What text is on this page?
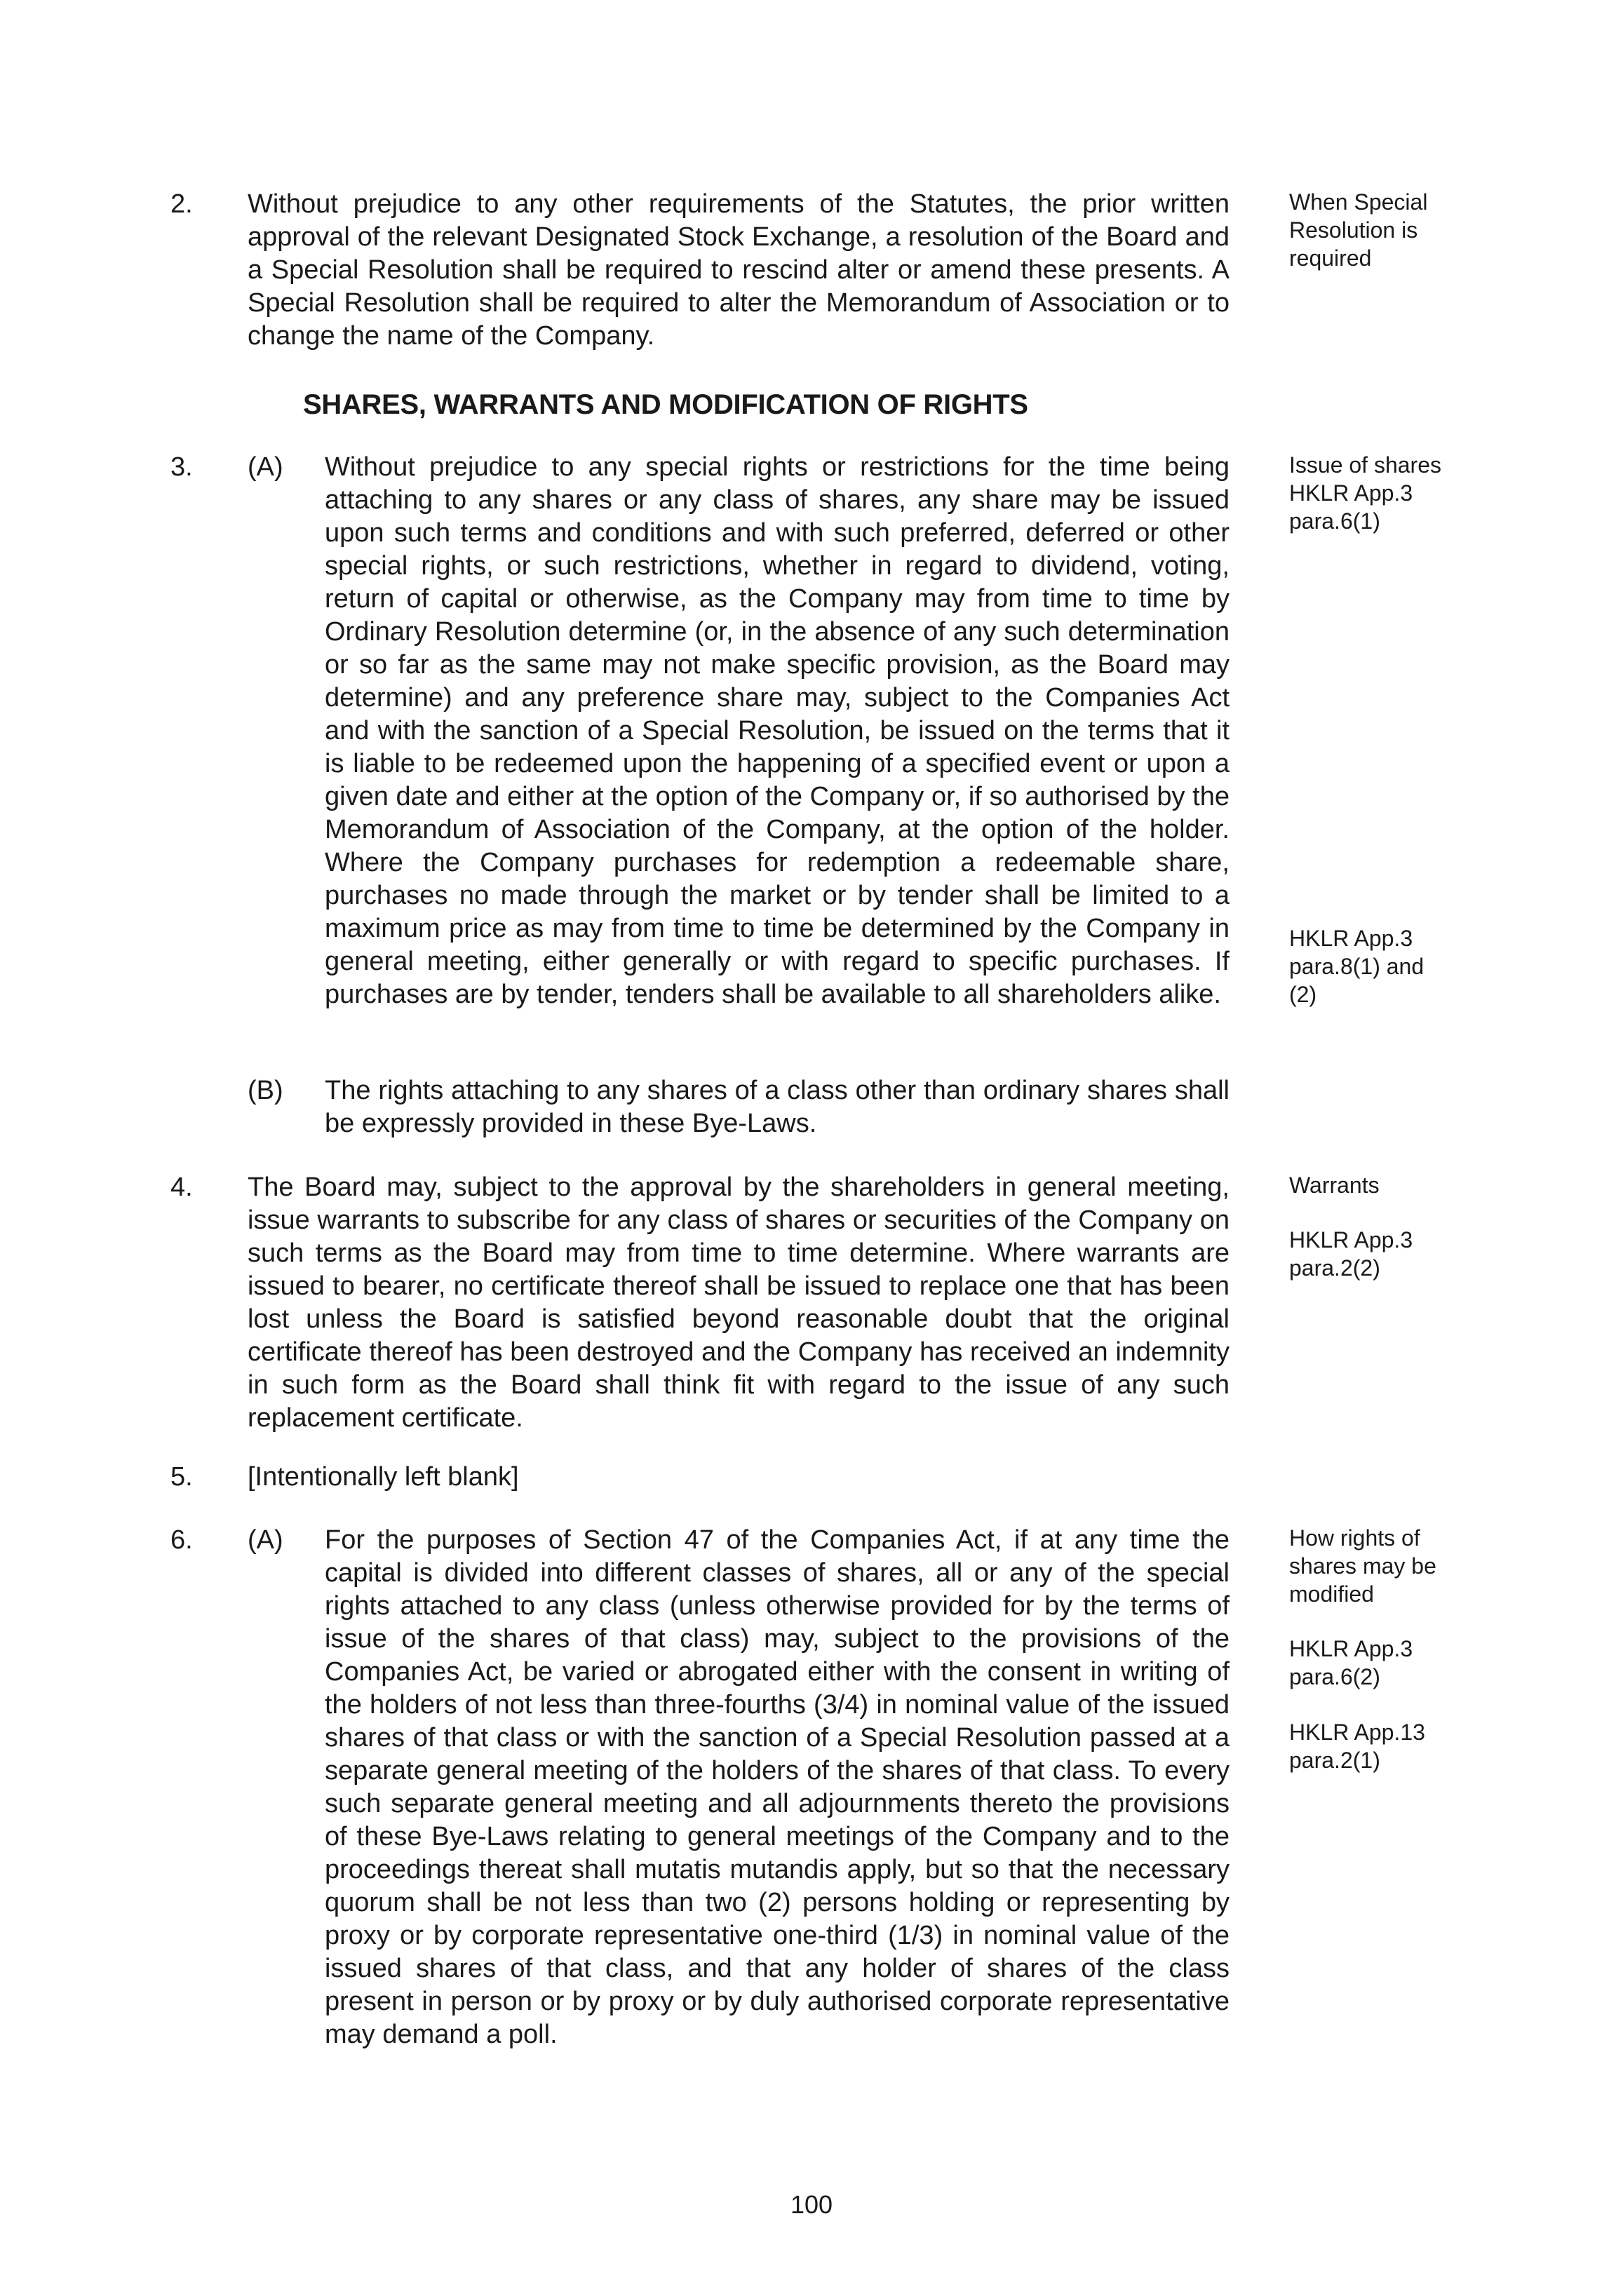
2. Without prejudice to any other requirements of the Statutes, the prior written approval of the relevant Designated Stock Exchange, a resolution of the Board and a Special Resolution shall be required to rescind alter or amend these presents. A Special Resolution shall be required to alter the Memorandum of Association or to change the name of the Company.

When Special Resolution is required

SHARES, WARRANTS AND MODIFICATION OF RIGHTS
3. (A) Without prejudice to any special rights or restrictions for the time being attaching to any shares or any class of shares, any share may be issued upon such terms and conditions and with such preferred, deferred or other special rights, or such restrictions, whether in regard to dividend, voting, return of capital or otherwise, as the Company may from time to time by Ordinary Resolution determine (or, in the absence of any such determination or so far as the same may not make specific provision, as the Board may determine) and any preference share may, subject to the Companies Act and with the sanction of a Special Resolution, be issued on the terms that it is liable to be redeemed upon the happening of a specified event or upon a given date and either at the option of the Company or, if so authorised by the Memorandum of Association of the Company, at the option of the holder. Where the Company purchases for redemption a redeemable share, purchases no made through the market or by tender shall be limited to a maximum price as may from time to time be determined by the Company in general meeting, either generally or with regard to specific purchases. If purchases are by tender, tenders shall be available to all shareholders alike.

Issue of shares HKLR App.3 para.6(1)

HKLR App.3 para.8(1) and (2)

(B) The rights attaching to any shares of a class other than ordinary shares shall be expressly provided in these Bye-Laws.

4. The Board may, subject to the approval by the shareholders in general meeting, issue warrants to subscribe for any class of shares or securities of the Company on such terms as the Board may from time to time determine. Where warrants are issued to bearer, no certificate thereof shall be issued to replace one that has been lost unless the Board is satisfied beyond reasonable doubt that the original certificate thereof has been destroyed and the Company has received an indemnity in such form as the Board shall think fit with regard to the issue of any such replacement certificate.

Warrants

HKLR App.3 para.2(2)

5. [Intentionally left blank]

6. (A) For the purposes of Section 47 of the Companies Act, if at any time the capital is divided into different classes of shares, all or any of the special rights attached to any class (unless otherwise provided for by the terms of issue of the shares of that class) may, subject to the provisions of the Companies Act, be varied or abrogated either with the consent in writing of the holders of not less than three-fourths (3/4) in nominal value of the issued shares of that class or with the sanction of a Special Resolution passed at a separate general meeting of the holders of the shares of that class. To every such separate general meeting and all adjournments thereto the provisions of these Bye-Laws relating to general meetings of the Company and to the proceedings thereat shall mutatis mutandis apply, but so that the necessary quorum shall be not less than two (2) persons holding or representing by proxy or by corporate representative one-third (1/3) in nominal value of the issued shares of that class, and that any holder of shares of the class present in person or by proxy or by duly authorised corporate representative may demand a poll.

How rights of shares may be modified

HKLR App.3 para.6(2)

HKLR App.13 para.2(1)

100
